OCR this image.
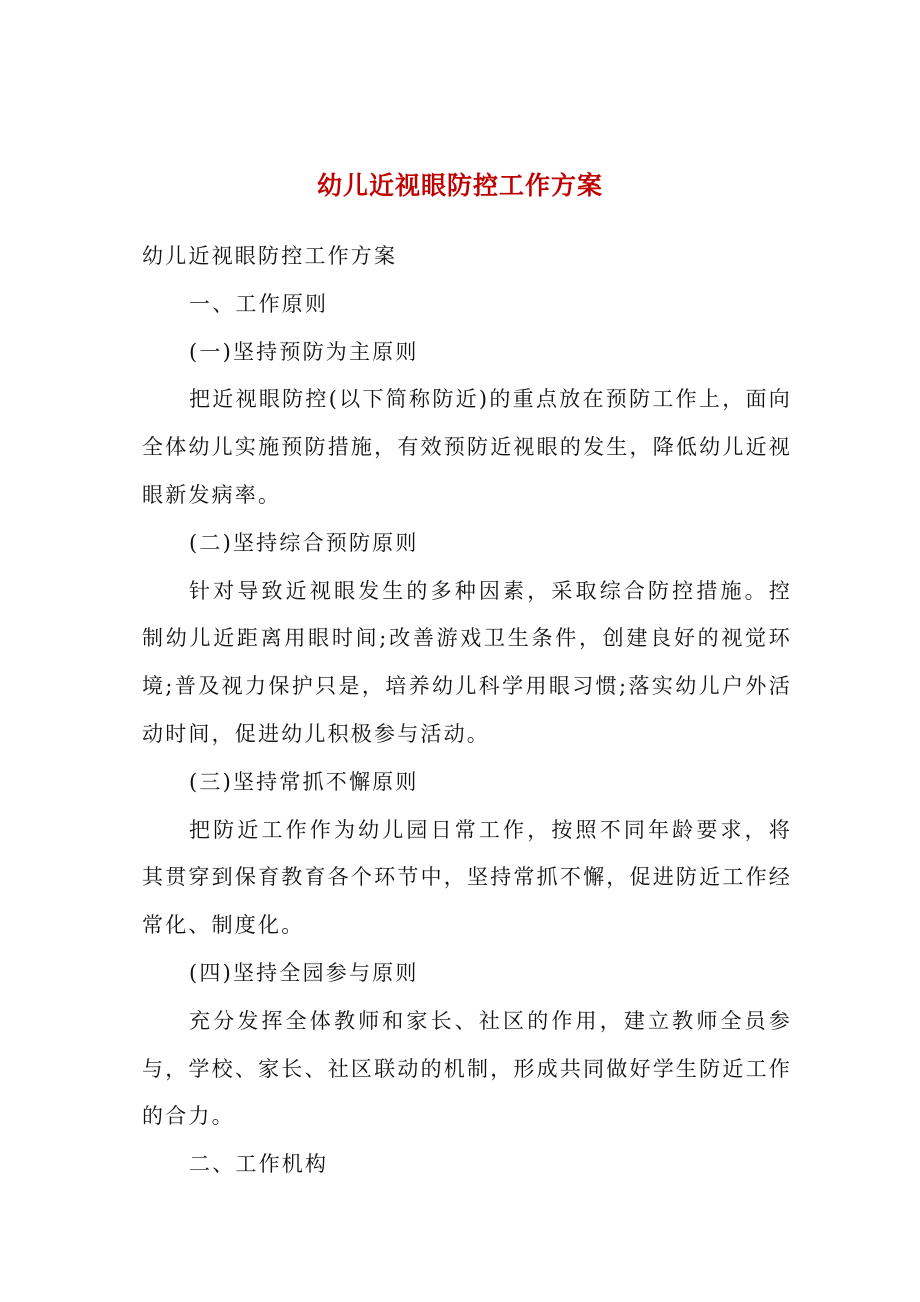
幼儿近视眼防控工作方案

幼儿近视眼防控工作方案

一、工作原则

(一)坚持预防为主原则

把近视眼防控(以下简称防近)的重点放在预防工作上，面向全体幼儿实施预防措施，有效预防近视眼的发生，降低幼儿近视眼新发病率。

(二)坚持综合预防原则

针对导致近视眼发生的多种因素，采取综合防控措施。控制幼儿近距离用眼时间;改善游戏卫生条件，创建良好的视觉环境;普及视力保护只是，培养幼儿科学用眼习惯;落实幼儿户外活动时间，促进幼儿积极参与活动。

(三)坚持常抓不懈原则

把防近工作作为幼儿园日常工作，按照不同年龄要求，将其贯穿到保育教育各个环节中，坚持常抓不懈，促进防近工作经常化、制度化。

(四)坚持全园参与原则

充分发挥全体教师和家长、社区的作用，建立教师全员参与，学校、家长、社区联动的机制，形成共同做好学生防近工作的合力。

二、工作机构
